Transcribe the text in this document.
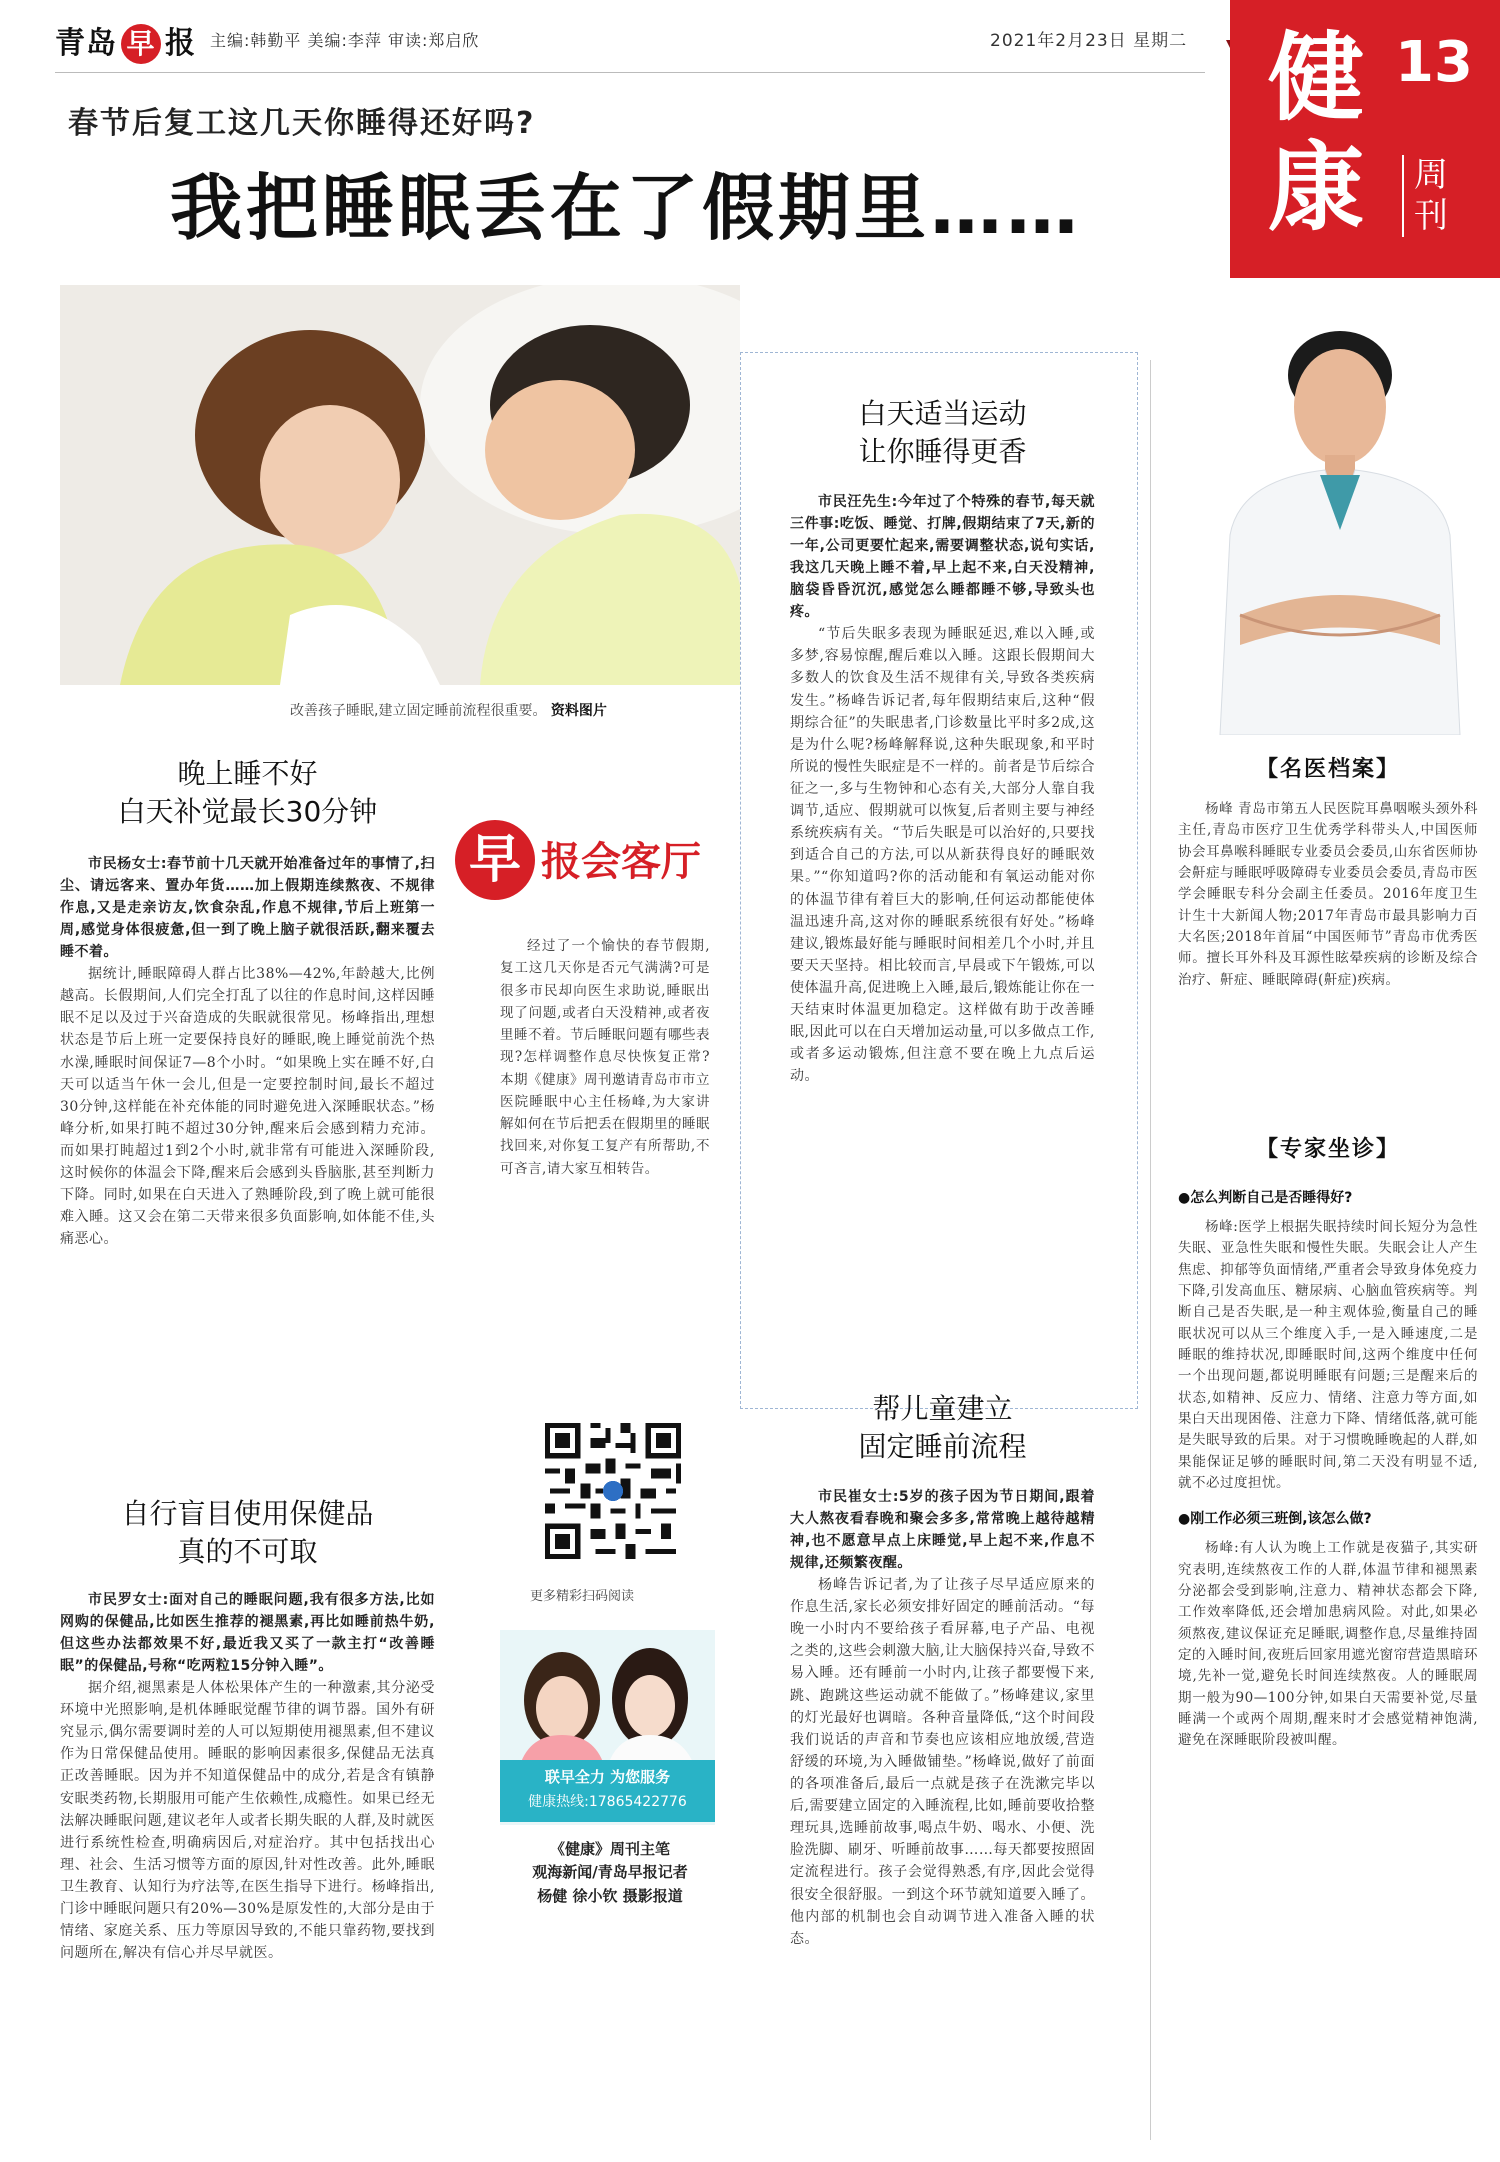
青岛 早 报 主编:韩勤平 美编:李萍 审读:郑启欣	2021年2月23日 星期二 健
康
13
周
刊
春节后复工这几天你睡得还好吗?
我把睡眠丢在了假期里……
改善孩子睡眠,建立固定睡前流程很重要。 资料图片
晚上睡不好
白天补觉最长30分钟

市民杨女士:春节前十几天就开始准备过年的事情了,扫尘、请远客来、置办年货……加上假期连续熬夜、不规律作息,又是走亲访友,饮食杂乱,作息不规律,节后上班第一周,感觉身体很疲惫,但一到了晚上脑子就很活跃,翻来覆去睡不着。

据统计,睡眠障碍人群占比38%—42%,年龄越大,比例越高。长假期间,人们完全打乱了以往的作息时间,这样因睡眠不足以及过于兴奋造成的失眠就很常见。杨峰指出,理想状态是节后上班一定要保持良好的睡眠,晚上睡觉前洗个热水澡,睡眠时间保证7—8个小时。“如果晚上实在睡不好,白天可以适当午休一会儿,但是一定要控制时间,最长不超过30分钟,这样能在补充体能的同时避免进入深睡眠状态。”杨峰分析,如果打盹不超过30分钟,醒来后会感到精力充沛。而如果打盹超过1到2个小时,就非常有可能进入深睡阶段,这时候你的体温会下降,醒来后会感到头昏脑胀,甚至判断力下降。同时,如果在白天进入了熟睡阶段,到了晚上就可能很难入睡。这又会在第二天带来很多负面影响,如体能不佳,头痛恶心。

自行盲目使用保健品
真的不可取

市民罗女士:面对自己的睡眠问题,我有很多方法,比如网购的保健品,比如医生推荐的褪黑素,再比如睡前热牛奶,但这些办法都效果不好,最近我又买了一款主打“改善睡眠”的保健品,号称“吃两粒15分钟入睡”。

据介绍,褪黑素是人体松果体产生的一种激素,其分泌受环境中光照影响,是机体睡眠觉醒节律的调节器。国外有研究显示,偶尔需要调时差的人可以短期使用褪黑素,但不建议作为日常保健品使用。睡眠的影响因素很多,保健品无法真正改善睡眠。因为并不知道保健品中的成分,若是含有镇静安眠类药物,长期服用可能产生依赖性,成瘾性。如果已经无法解决睡眠问题,建议老年人或者长期失眠的人群,及时就医进行系统性检查,明确病因后,对症治疗。其中包括找出心理、社会、生活习惯等方面的原因,针对性改善。此外,睡眠卫生教育、认知行为疗法等,在医生指导下进行。杨峰指出,门诊中睡眠问题只有20%—30%是原发性的,大部分是由于情绪、家庭关系、压力等原因导致的,不能只靠药物,要找到问题所在,解决有信心并尽早就医。

早 报会客厅

经过了一个愉快的春节假期,复工这几天你是否元气满满?可是很多市民却向医生求助说,睡眠出现了问题,或者白天没精神,或者夜里睡不着。节后睡眠问题有哪些表现?怎样调整作息尽快恢复正常?本期《健康》周刊邀请青岛市市立医院睡眠中心主任杨峰,为大家讲解如何在节后把丢在假期里的睡眠找回来,对你复工复产有所帮助,不可吝言,请大家互相转告。

更多精彩扫码阅读
联早全力 为您服务
健康热线:17865422776
《健康》周刊主笔
观海新闻/青岛早报记者
杨健 徐小钦 摄影报道
白天适当运动
让你睡得更香

市民汪先生:今年过了个特殊的春节,每天就三件事:吃饭、睡觉、打牌,假期结束了7天,新的一年,公司更要忙起来,需要调整状态,说句实话,我这几天晚上睡不着,早上起不来,白天没精神,脑袋昏昏沉沉,感觉怎么睡都睡不够,导致头也疼。

“节后失眠多表现为睡眠延迟,难以入睡,或多梦,容易惊醒,醒后难以入睡。这跟长假期间大多数人的饮食及生活不规律有关,导致各类疾病发生。”杨峰告诉记者,每年假期结束后,这种“假期综合征”的失眠患者,门诊数量比平时多2成,这是为什么呢?杨峰解释说,这种失眠现象,和平时所说的慢性失眠症是不一样的。前者是节后综合征之一,多与生物钟和心态有关,大部分人靠自我调节,适应、假期就可以恢复,后者则主要与神经系统疾病有关。“节后失眠是可以治好的,只要找到适合自己的方法,可以从新获得良好的睡眠效果。”“你知道吗?你的活动能和有氧运动能对你的体温节律有着巨大的影响,任何运动都能使体温迅速升高,这对你的睡眠系统很有好处。”杨峰建议,锻炼最好能与睡眠时间相差几个小时,并且要天天坚持。相比较而言,早晨或下午锻炼,可以使体温升高,促进晚上入睡,最后,锻炼能让你在一天结束时体温更加稳定。这样做有助于改善睡眠,因此可以在白天增加运动量,可以多做点工作,或者多运动锻炼,但注意不要在晚上九点后运动。

帮儿童建立
固定睡前流程

市民崔女士:5岁的孩子因为节日期间,跟着大人熬夜看春晚和聚会多多,常常晚上越待越精神,也不愿意早点上床睡觉,早上起不来,作息不规律,还频繁夜醒。

杨峰告诉记者,为了让孩子尽早适应原来的作息生活,家长必须安排好固定的睡前活动。“每晚一小时内不要给孩子看屏幕,电子产品、电视之类的,这些会刺激大脑,让大脑保持兴奋,导致不易入睡。还有睡前一小时内,让孩子都要慢下来,跳、跑跳这些运动就不能做了。”杨峰建议,家里的灯光最好也调暗。各种音量降低,“这个时间段我们说话的声音和节奏也应该相应地放缓,营造舒缓的环境,为入睡做铺垫。”杨峰说,做好了前面的各项准备后,最后一点就是孩子在洗漱完毕以后,需要建立固定的入睡流程,比如,睡前要收拾整理玩具,选睡前故事,喝点牛奶、喝水、小便、洗脸洗脚、刷牙、听睡前故事……每天都要按照固定流程进行。孩子会觉得熟悉,有序,因此会觉得很安全很舒服。一到这个环节就知道要入睡了。他内部的机制也会自动调节进入准备入睡的状态。

【名医档案】

杨峰 青岛市第五人民医院耳鼻咽喉头颈外科主任,青岛市医疗卫生优秀学科带头人,中国医师协会耳鼻喉科睡眠专业委员会委员,山东省医师协会鼾症与睡眠呼吸障碍专业委员会委员,青岛市医学会睡眠专科分会副主任委员。2016年度卫生计生十大新闻人物;2017年青岛市最具影响力百大名医;2018年首届“中国医师节”青岛市优秀医师。擅长耳外科及耳源性眩晕疾病的诊断及综合治疗、鼾症、睡眠障碍(鼾症)疾病。

【专家坐诊】
●怎么判断自己是否睡得好?

杨峰:医学上根据失眠持续时间长短分为急性失眠、亚急性失眠和慢性失眠。失眠会让人产生焦虑、抑郁等负面情绪,严重者会导致身体免疫力下降,引发高血压、糖尿病、心脑血管疾病等。判断自己是否失眠,是一种主观体验,衡量自己的睡眠状况可以从三个维度入手,一是入睡速度,二是睡眠的维持状况,即睡眠时间,这两个维度中任何一个出现问题,都说明睡眠有问题;三是醒来后的状态,如精神、反应力、情绪、注意力等方面,如果白天出现困倦、注意力下降、情绪低落,就可能是失眠导致的后果。对于习惯晚睡晚起的人群,如果能保证足够的睡眠时间,第二天没有明显不适,就不必过度担忧。

●刚工作必须三班倒,该怎么做?

杨峰:有人认为晚上工作就是夜猫子,其实研究表明,连续熬夜工作的人群,体温节律和褪黑素分泌都会受到影响,注意力、精神状态都会下降,工作效率降低,还会增加患病风险。对此,如果必须熬夜,建议保证充足睡眠,调整作息,尽量维持固定的入睡时间,夜班后回家用遮光窗帘营造黑暗环境,先补一觉,避免长时间连续熬夜。人的睡眠周期一般为90—100分钟,如果白天需要补觉,尽量睡满一个或两个周期,醒来时才会感觉精神饱满,避免在深睡眠阶段被叫醒。
